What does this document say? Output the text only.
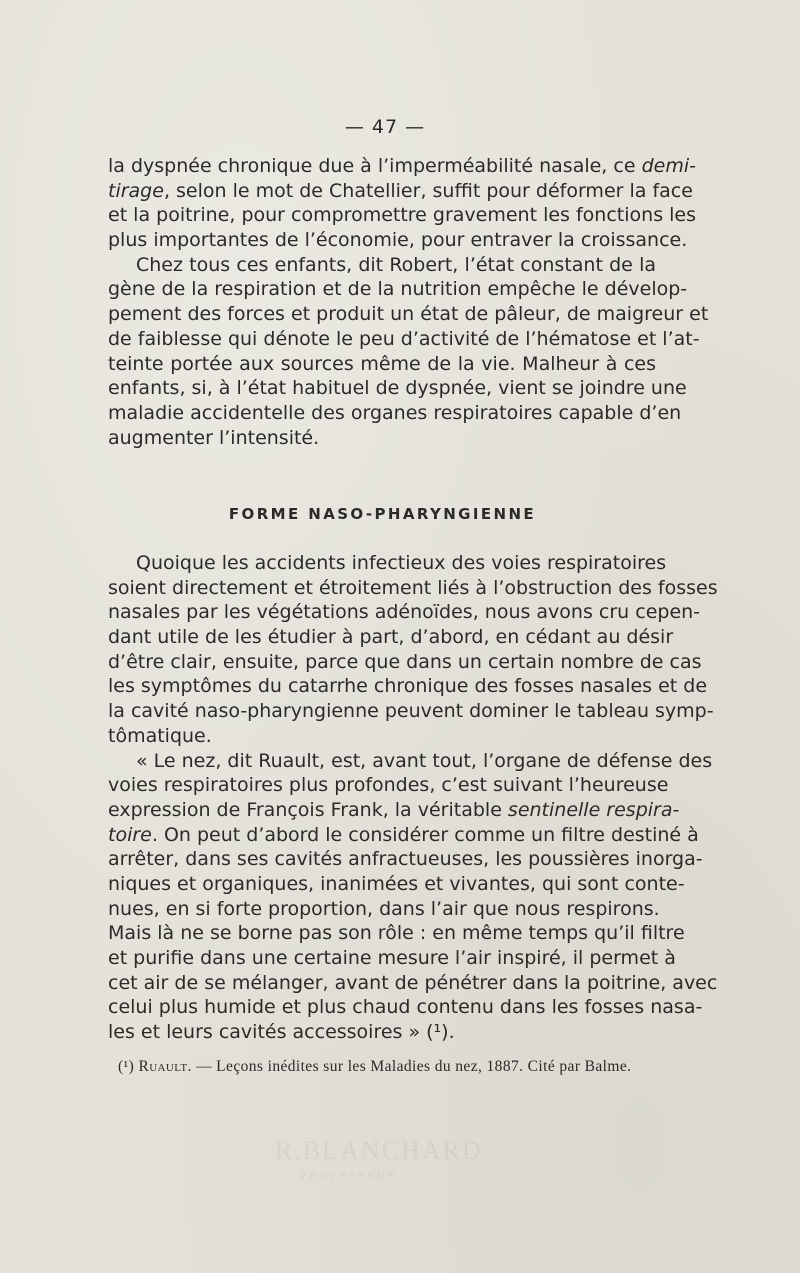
— 47 —
la dyspnée chronique due à l’imperméabilité nasale, ce demi-
tirage, selon le mot de Chatellier, suffit pour déformer la face
et la poitrine, pour compromettre gravement les fonctions les
plus importantes de l’économie, pour entraver la croissance.
Chez tous ces enfants, dit Robert, l’état constant de la
gène de la respiration et de la nutrition empêche le dévelop-
pement des forces et produit un état de pâleur, de maigreur et
de faiblesse qui dénote le peu d’activité de l’hématose et l’at-
teinte portée aux sources même de la vie. Malheur à ces
enfants, si, à l’état habituel de dyspnée, vient se joindre une
maladie accidentelle des organes respiratoires capable d’en
augmenter l’intensité.
FORME NASO-PHARYNGIENNE
Quoique les accidents infectieux des voies respiratoires
soient directement et étroitement liés à l’obstruction des fosses
nasales par les végétations adénoïdes, nous avons cru cepen-
dant utile de les étudier à part, d’abord, en cédant au désir
d’être clair, ensuite, parce que dans un certain nombre de cas
les symptômes du catarrhe chronique des fosses nasales et de
la cavité naso-pharyngienne peuvent dominer le tableau symp-
tômatique.
« Le nez, dit Ruault, est, avant tout, l’organe de défense des
voies respiratoires plus profondes, c’est suivant l’heureuse
expression de François Frank, la véritable sentinelle respira-
toire. On peut d’abord le considérer comme un filtre destiné à
arrêter, dans ses cavités anfractueuses, les poussières inorga-
niques et organiques, inanimées et vivantes, qui sont conte-
nues, en si forte proportion, dans l’air que nous respirons.
Mais là ne se borne pas son rôle : en même temps qu’il filtre
et purifie dans une certaine mesure l’air inspiré, il permet à
cet air de se mélanger, avant de pénétrer dans la poitrine, avec
celui plus humide et plus chaud contenu dans les fosses nasa-
les et leurs cavités accessoires » (¹).
(¹) Ruault. — Leçons inédites sur les Maladies du nez, 1887. Cité par Balme.
R.BLANCHARD
PROFESSEUR
